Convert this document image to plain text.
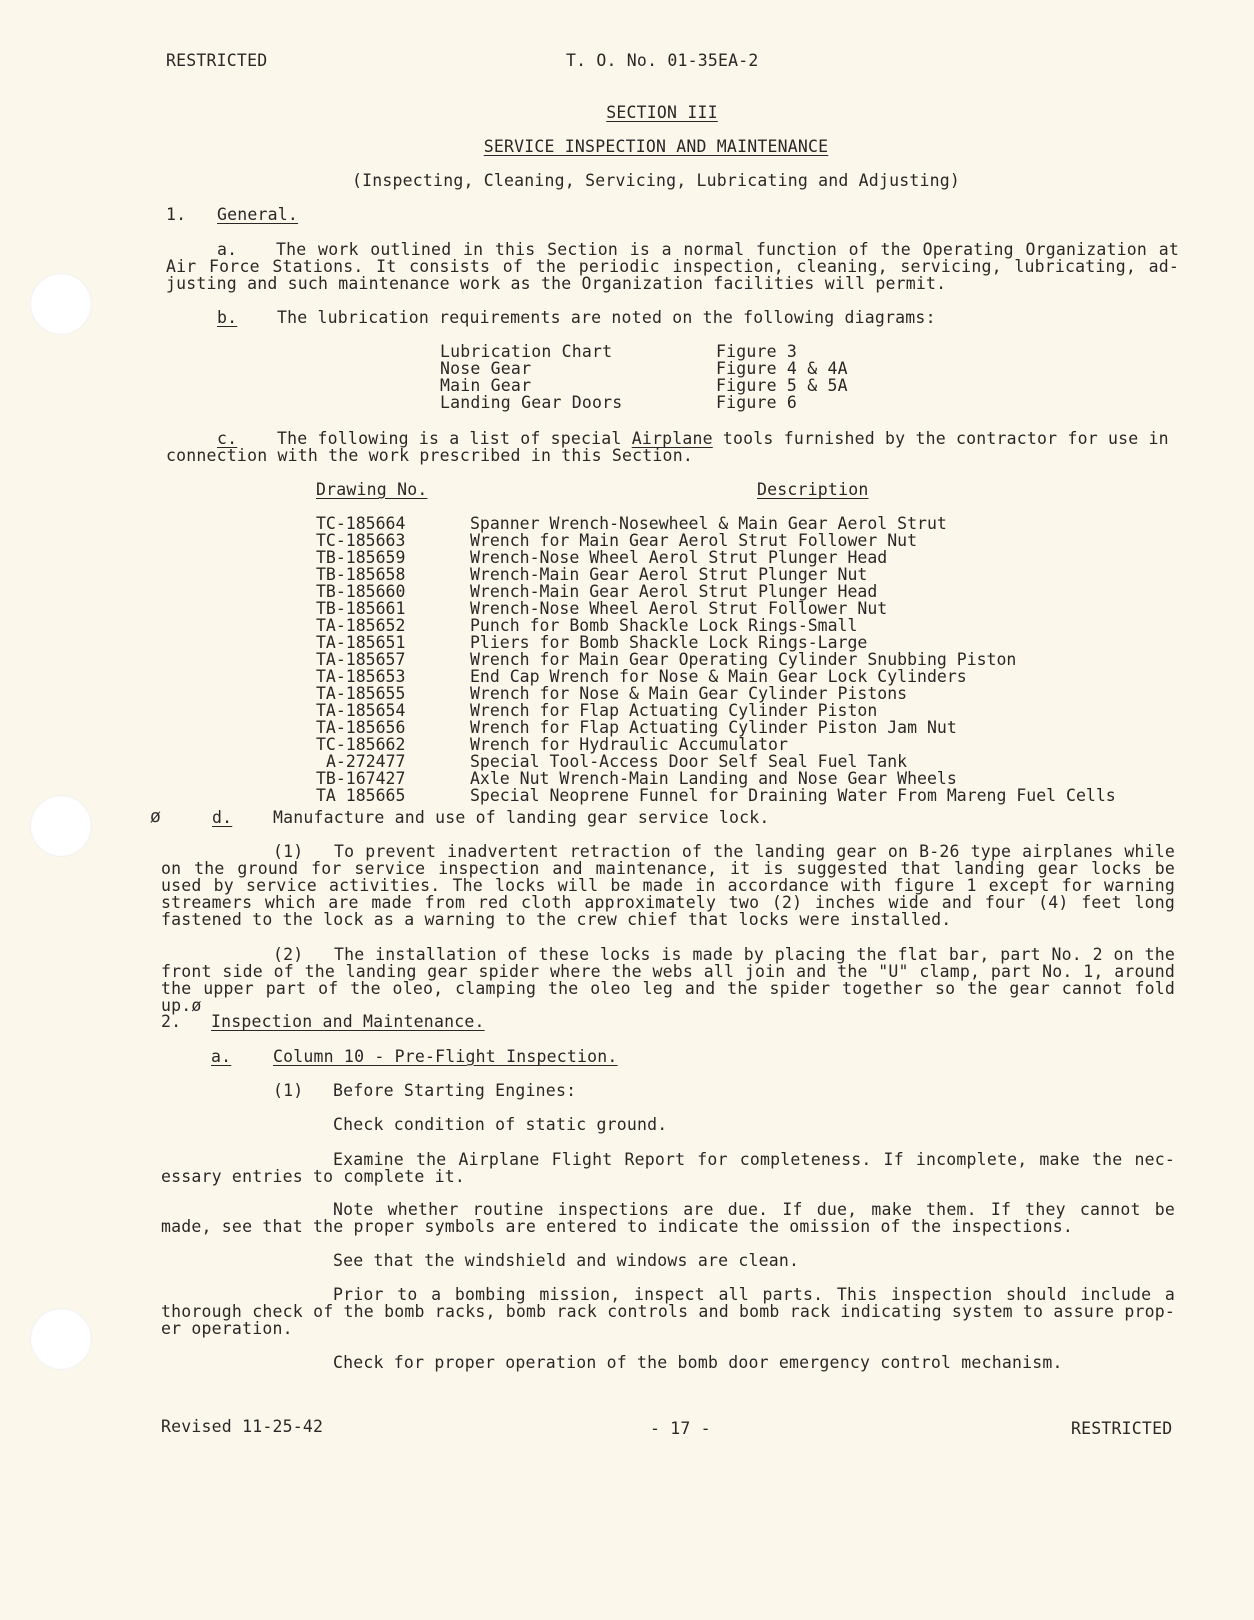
RESTRICTED	T. O. No. 01-35EA-2
SECTION III
SERVICE INSPECTION AND MAINTENANCE
(Inspecting, Cleaning, Servicing, Lubricating and Adjusting)
1. General.
a. The work outlined in this Section is a normal function of the Operating Organization at
Air Force Stations. It consists of the periodic inspection, cleaning, servicing, lubricating, ad-
justing and such maintenance work as the Organization facilities will permit.
b. The lubrication requirements are noted on the following diagrams:
Lubrication Chart	Figure 3
Nose Gear	Figure 4 & 4A
Main Gear	Figure 5 & 5A
Landing Gear Doors	Figure 6
c. The following is a list of special Airplane tools furnished by the contractor for use in
connection with the work prescribed in this Section.
Drawing No.	Description
TC-185664	Spanner Wrench-Nosewheel & Main Gear Aerol Strut
TC-185663	Wrench for Main Gear Aerol Strut Follower Nut
TB-185659	Wrench-Nose Wheel Aerol Strut Plunger Head
TB-185658	Wrench-Main Gear Aerol Strut Plunger Nut
TB-185660	Wrench-Main Gear Aerol Strut Plunger Head
TB-185661	Wrench-Nose Wheel Aerol Strut Follower Nut
TA-185652	Punch for Bomb Shackle Lock Rings-Small
TA-185651	Pliers for Bomb Shackle Lock Rings-Large
TA-185657	Wrench for Main Gear Operating Cylinder Snubbing Piston
TA-185653	End Cap Wrench for Nose & Main Gear Lock Cylinders
TA-185655	Wrench for Nose & Main Gear Cylinder Pistons
TA-185654	Wrench for Flap Actuating Cylinder Piston
TA-185656	Wrench for Flap Actuating Cylinder Piston Jam Nut
TC-185662	Wrench for Hydraulic Accumulator
A-272477	Special Tool-Access Door Self Seal Fuel Tank
TB-167427	Axle Nut Wrench-Main Landing and Nose Gear Wheels
TA 185665	Special Neoprene Funnel for Draining Water From Mareng Fuel Cells
ø	d. Manufacture and use of landing gear service lock.
(1) To prevent inadvertent retraction of the landing gear on B-26 type airplanes while
on the ground for service inspection and maintenance, it is suggested that landing gear locks be
used by service activities. The locks will be made in accordance with figure 1 except for warning
streamers which are made from red cloth approximately two (2) inches wide and four (4) feet long
fastened to the lock as a warning to the crew chief that locks were installed.
(2) The installation of these locks is made by placing the flat bar, part No. 2 on the
front side of the landing gear spider where the webs all join and the "U" clamp, part No. 1, around
the upper part of the oleo, clamping the oleo leg and the spider together so the gear cannot fold up.ø
2. Inspection and Maintenance.
a.	Column 10 - Pre-Flight Inspection.
(1) Before Starting Engines:
Check condition of static ground.
Examine the Airplane Flight Report for completeness. If incomplete, make the nec-
essary entries to complete it.
Note whether routine inspections are due. If due, make them. If they cannot be
made, see that the proper symbols are entered to indicate the omission of the inspections.
See that the windshield and windows are clean.
Prior to a bombing mission, inspect all parts. This inspection should include a
thorough check of the bomb racks, bomb rack controls and bomb rack indicating system to assure prop-
er operation.
Check for proper operation of the bomb door emergency control mechanism.
Revised 11-25-42	- 17 -	RESTRICTED
